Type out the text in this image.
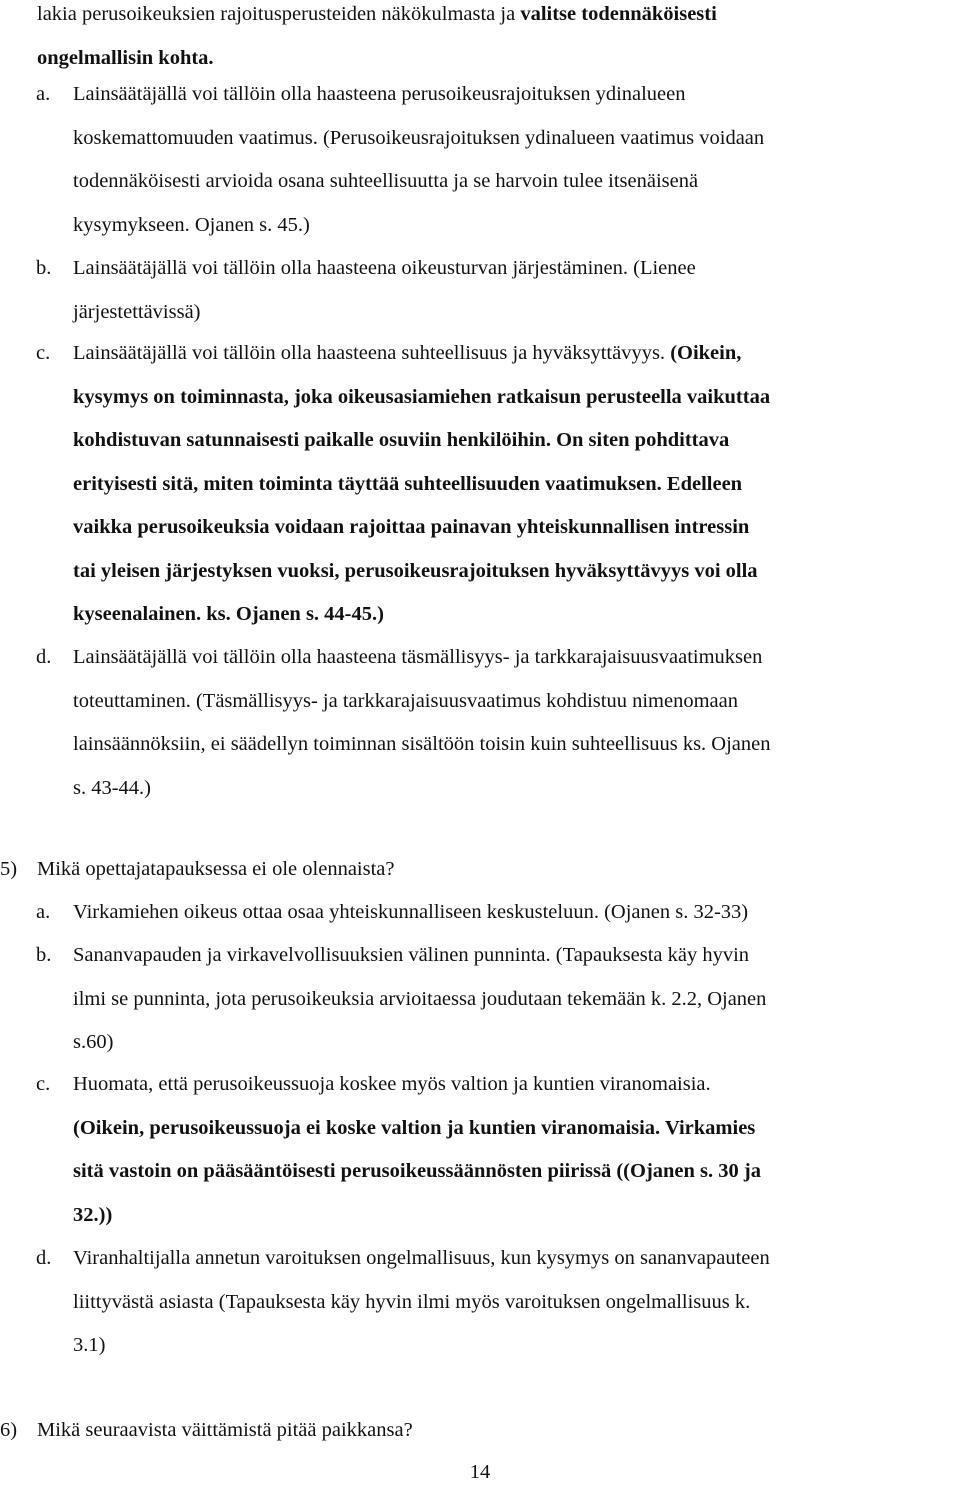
lakia perusoikeuksien rajoitusperusteiden näkökulmasta ja valitse todennäköisesti
ongelmallisin kohta.
a. Lainsäätäjällä voi tällöin olla haasteena perusoikeusrajoituksen ydinalueen
koskemattomuuden vaatimus. (Perusoikeusrajoituksen ydinalueen vaatimus voidaan
todennäköisesti arvioida osana suhteellisuutta ja se harvoin tulee itsenäisenä
kysymykseen. Ojanen s. 45.)
b. Lainsäätäjällä voi tällöin olla haasteena oikeusturvan järjestäminen. (Lienee
järjestettävissä)
c. Lainsäätäjällä voi tällöin olla haasteena suhteellisuus ja hyväksyttävyys. (Oikein,
kysymys on toiminnasta, joka oikeusasiamiehen ratkaisun perusteella vaikuttaa
kohdistuvan satunnaisesti paikalle osuviin henkilöihin. On siten pohdittava
erityisesti sitä, miten toiminta täyttää suhteellisuuden vaatimuksen. Edelleen
vaikka perusoikeuksia voidaan rajoittaa painavan yhteiskunnallisen intressin
tai yleisen järjestyksen vuoksi, perusoikeusrajoituksen hyväksyttävyys voi olla
kyseenalainen. ks. Ojanen s. 44-45.)
d. Lainsäätäjällä voi tällöin olla haasteena täsmällisyys- ja tarkkarajaisuusvaatimuksen
toteuttaminen. (Täsmällisyys- ja tarkkarajaisuusvaatimus kohdistuu nimenomaan
lainsäännöksiin, ei säädellyn toiminnan sisältöön toisin kuin suhteellisuus ks. Ojanen
s. 43-44.)
5) Mikä opettajatapauksessa ei ole olennaista?
a. Virkamiehen oikeus ottaa osaa yhteiskunnalliseen keskusteluun. (Ojanen s. 32-33)
b. Sananvapauden ja virkavelvollisuuksien välinen punninta. (Tapauksesta käy hyvin
ilmi se punninta, jota perusoikeuksia arvioitaessa joudutaan tekemään k. 2.2, Ojanen
s.60)
c. Huomata, että perusoikeussuoja koskee myös valtion ja kuntien viranomaisia.
(Oikein, perusoikeussuoja ei koske valtion ja kuntien viranomaisia. Virkamies
sitä vastoin on pääsääntöisesti perusoikeussäännösten piirissä ((Ojanen s. 30 ja
32.))
d. Viranhaltijalla annetun varoituksen ongelmallisuus, kun kysymys on sananvapauteen
liittyvästä asiasta (Tapauksesta käy hyvin ilmi myös varoituksen ongelmallisuus k.
3.1)
6) Mikä seuraavista väittämistä pitää paikkansa?
14
